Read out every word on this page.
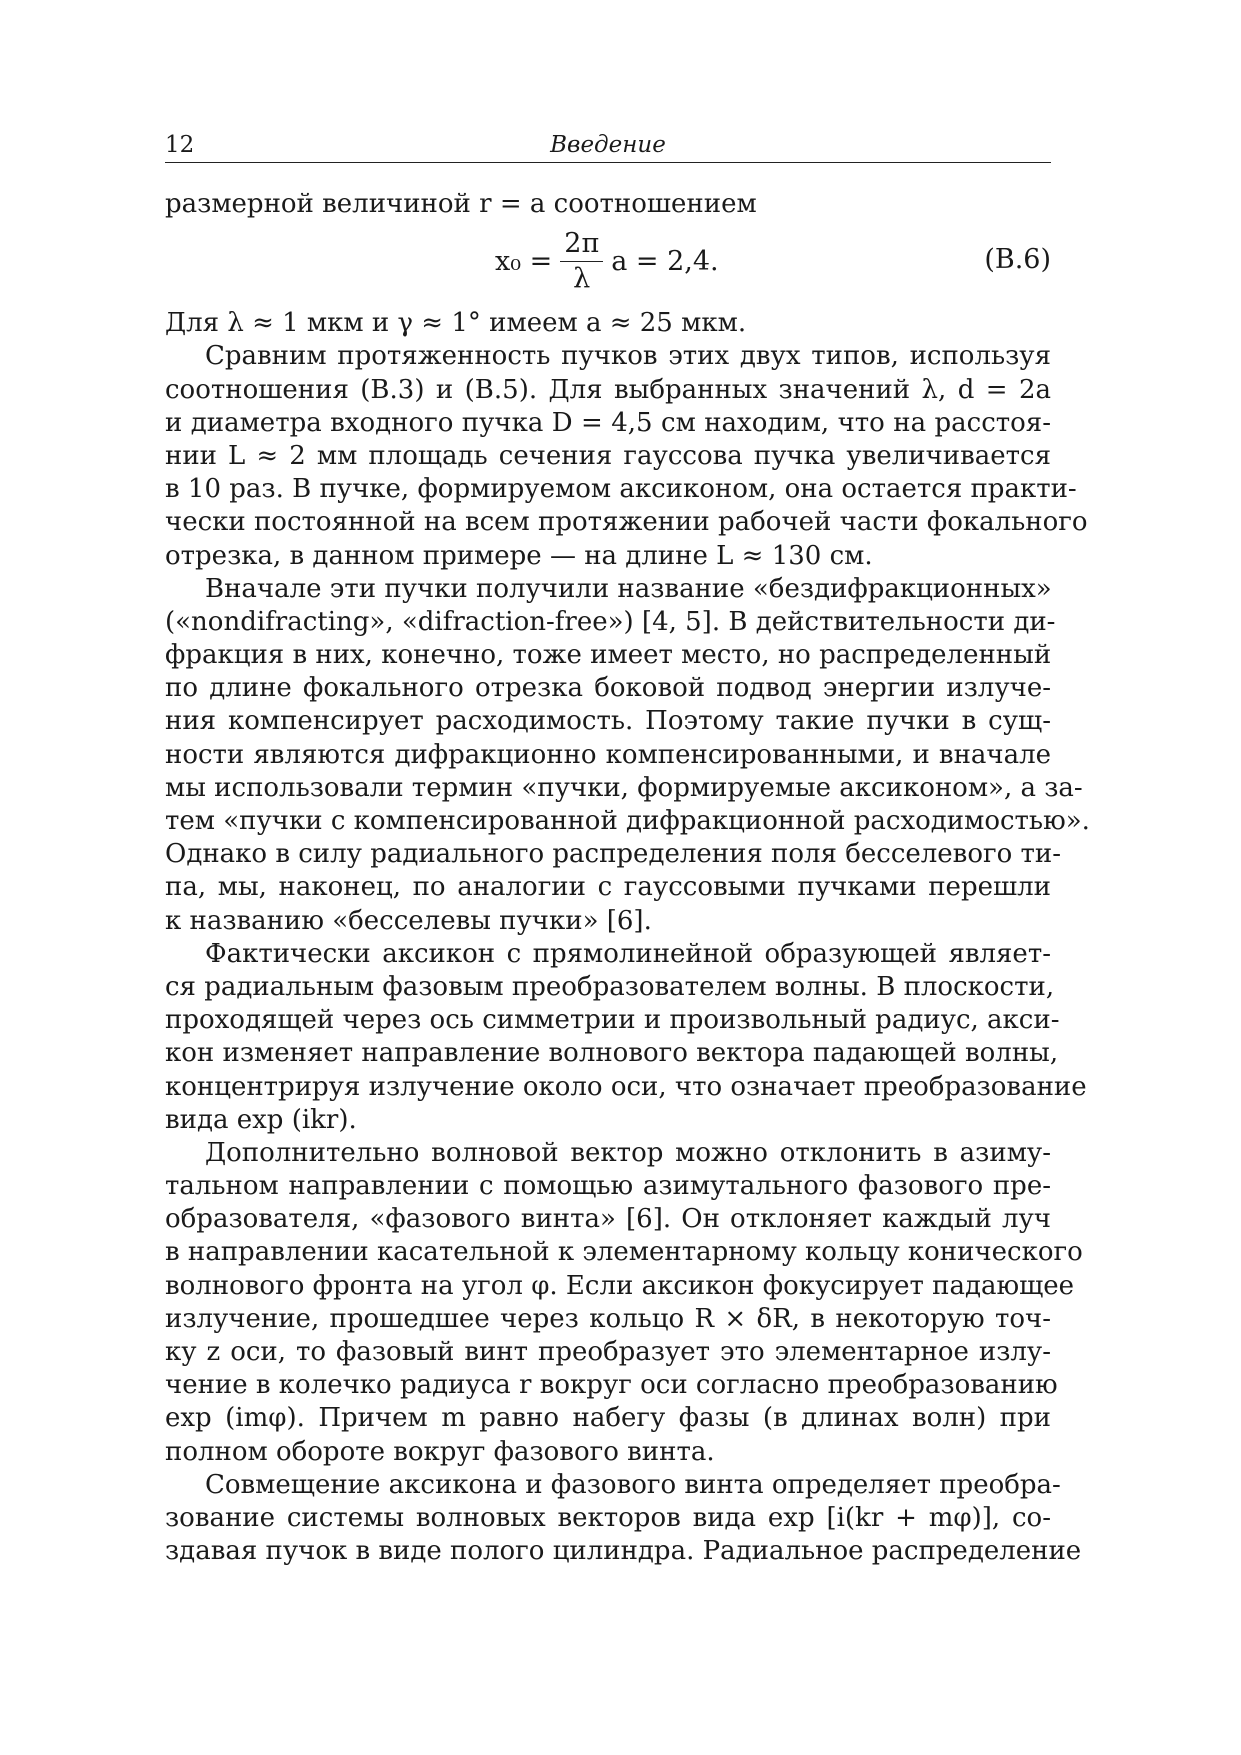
12	Введение
размерной величиной r = a соотношением
$x_0 = \frac{2\pi}{\lambda}$ a = 2,4.	(В.6)
Для λ ≈ 1 мкм и γ ≈ 1° имеем a ≈ 25 мкм.
Сравним протяженность пучков этих двух типов, используя
соотношения (В.3) и (В.5). Для выбранных значений λ, d = 2a
и диаметра входного пучка D = 4,5 см находим, что на расстоя-
нии L ≈ 2 мм площадь сечения гауссова пучка увеличивается
в 10 раз. В пучке, формируемом аксиконом, она остается практи-
чески постоянной на всем протяжении рабочей части фокального
отрезка, в данном примере — на длине L ≈ 130 см.
Вначале эти пучки получили название «бездифракционных»
(«nondifracting», «difraction-free») [4, 5]. В действительности ди-
фракция в них, конечно, тоже имеет место, но распределенный
по длине фокального отрезка боковой подвод энергии излуче-
ния компенсирует расходимость. Поэтому такие пучки в сущ-
ности являются дифракционно компенсированными, и вначале
мы использовали термин «пучки, формируемые аксиконом», а за-
тем «пучки с компенсированной дифракционной расходимостью».
Однако в силу радиального распределения поля бесселевого ти-
па, мы, наконец, по аналогии с гауссовыми пучками перешли
к названию «бесселевы пучки» [6].
Фактически аксикон с прямолинейной образующей являет-
ся радиальным фазовым преобразователем волны. В плоскости,
проходящей через ось симметрии и произвольный радиус, акси-
кон изменяет направление волнового вектора падающей волны,
концентрируя излучение около оси, что означает преобразование
вида exp (ikr).
Дополнительно волновой вектор можно отклонить в азиму-
тальном направлении с помощью азимутального фазового пре-
образователя, «фазового винта» [6]. Он отклоняет каждый луч
в направлении касательной к элементарному кольцу конического
волнового фронта на угол φ. Если аксикон фокусирует падающее
излучение, прошедшее через кольцо R × δR, в некоторую точ-
ку z оси, то фазовый винт преобразует это элементарное излу-
чение в колечко радиуса r вокруг оси согласно преобразованию
exp (imφ). Причем m равно набегу фазы (в длинах волн) при
полном обороте вокруг фазового винта.
Совмещение аксикона и фазового винта определяет преобра-
зование системы волновых векторов вида exp [i(kr + mφ)], со-
здавая пучок в виде полого цилиндра. Радиальное распределение
